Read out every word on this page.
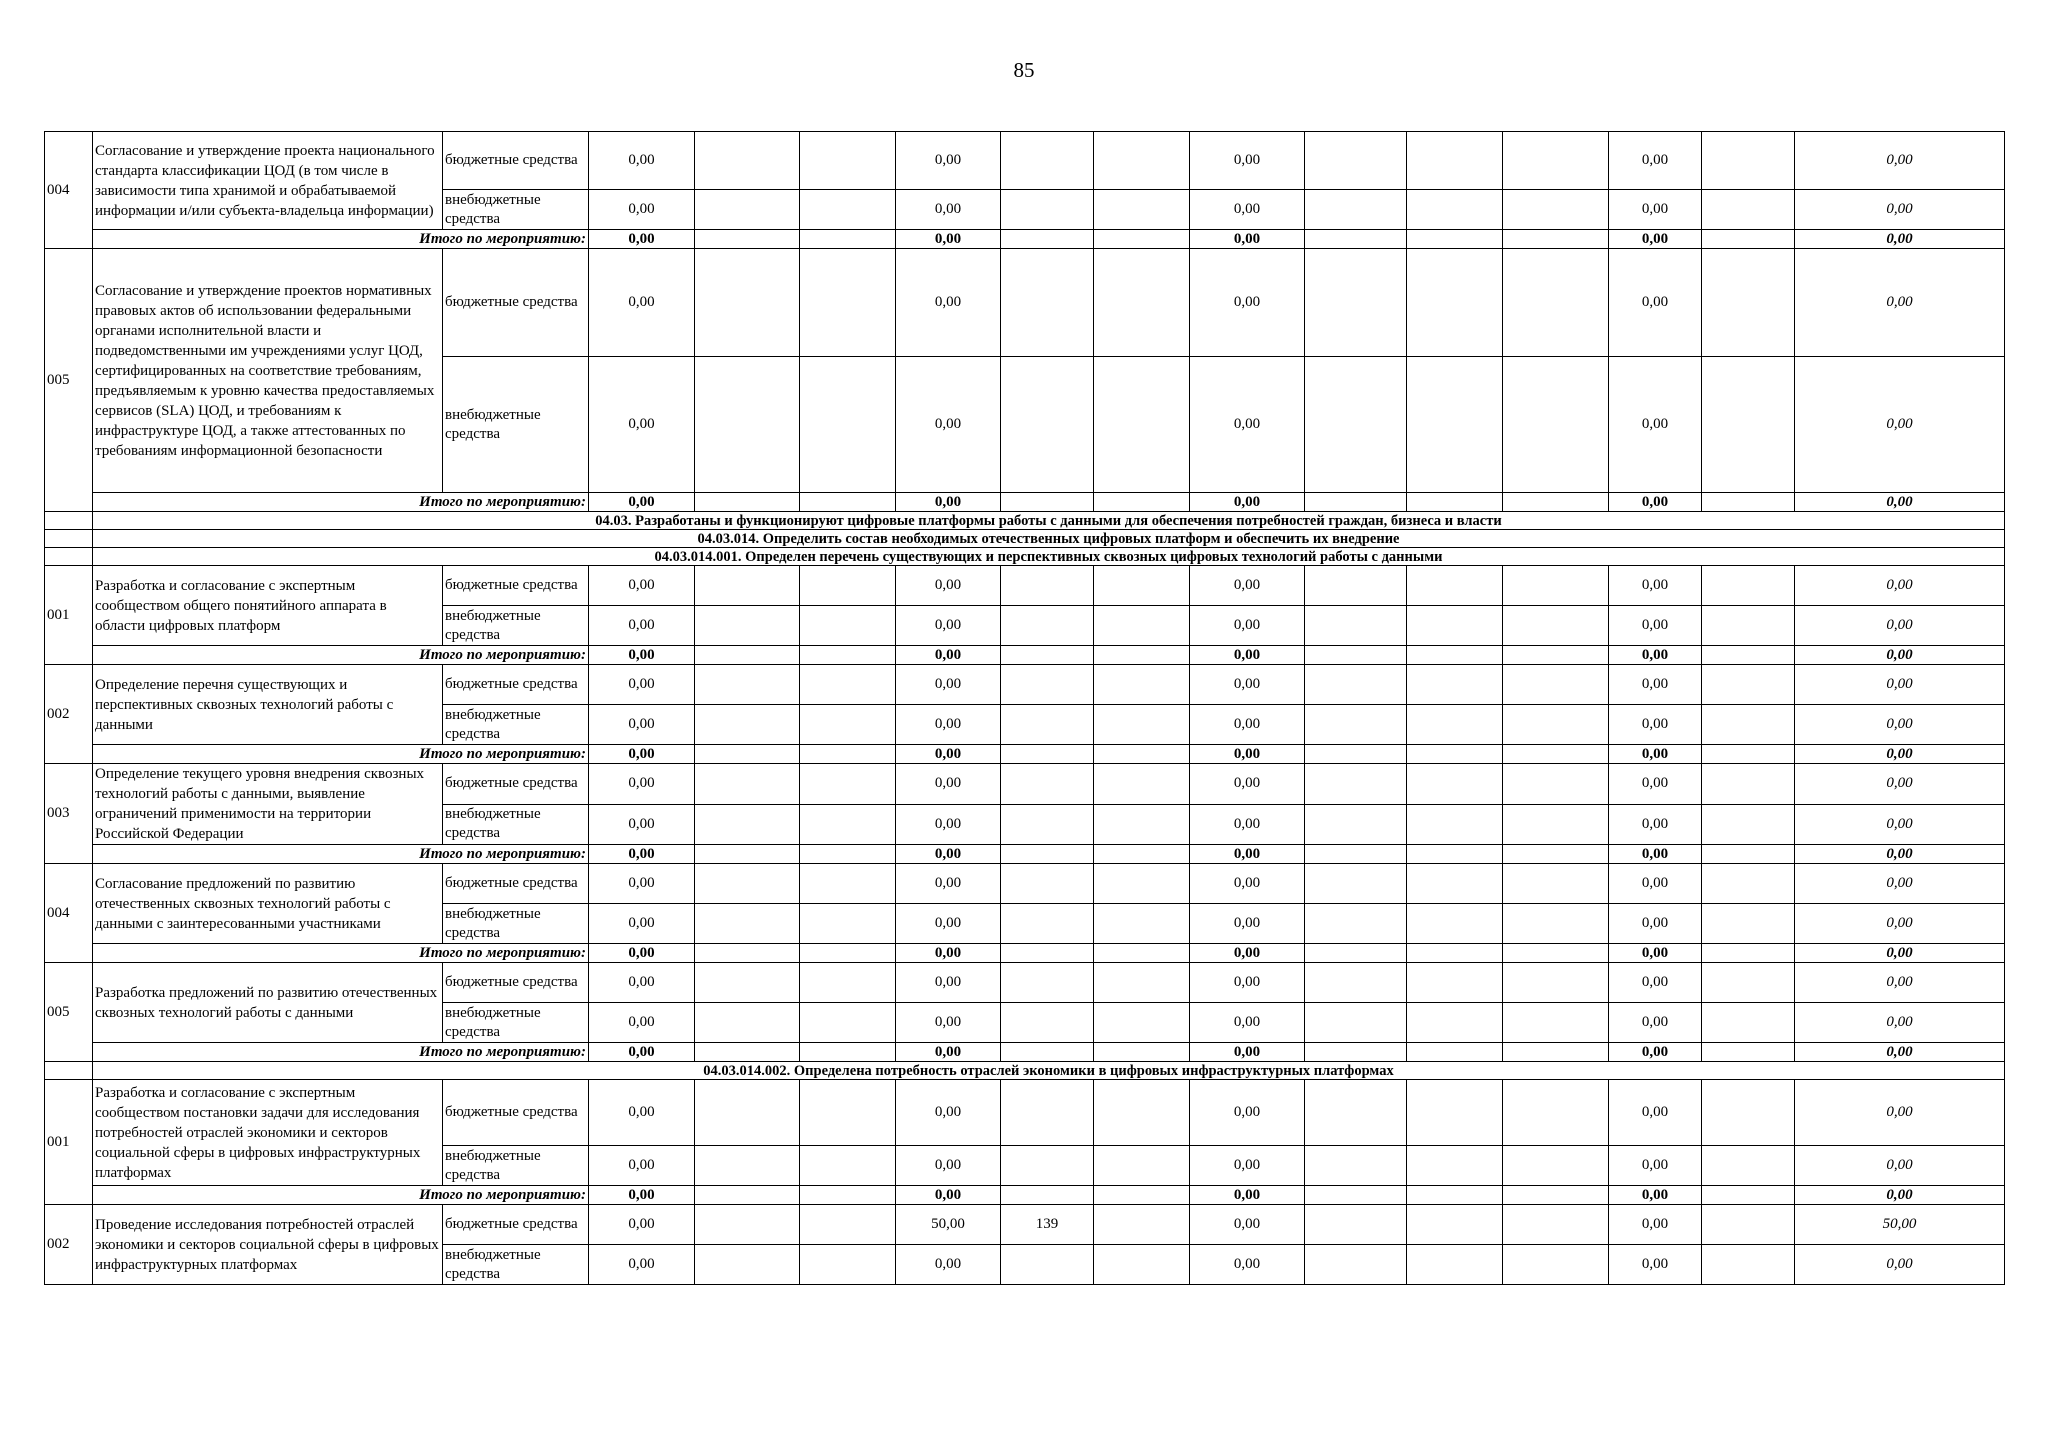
85
004	Согласование и утверждение проекта национального стандарта классификации ЦОД (в том числе в зависимости типа хранимой и обрабатываемой информации и/или субъекта-владельца информации)	бюджетные средства	0,00			0,00			0,00				0,00		0,00
		внебюджетные средства	0,00			0,00			0,00				0,00		0,00
	Итого по мероприятию:		0,00			0,00			0,00				0,00		0,00
005	Согласование и утверждение проектов нормативных правовых актов об использовании федеральными органами исполнительной власти и подведомственными им учреждениями услуг ЦОД, сертифицированных на соответствие требованиям, предъявляемым к уровню качества предоставляемых сервисов (SLA) ЦОД, и требованиям к инфраструктуре ЦОД, а также аттестованных по требованиям информационной безопасности	бюджетные средства	0,00			0,00			0,00				0,00		0,00
		внебюджетные средства	0,00			0,00			0,00				0,00		0,00
	Итого по мероприятию:		0,00			0,00			0,00				0,00		0,00
	04.03. Разработаны и функционируют цифровые платформы работы с данными для обеспечения потребностей граждан, бизнеса и власти														
	04.03.014. Определить состав необходимых отечественных цифровых платформ и обеспечить их внедрение														
	04.03.014.001. Определен перечень существующих и перспективных сквозных цифровых технологий работы с данными														
001	Разработка и согласование с экспертным сообществом общего понятийного аппарата в области цифровых платформ	бюджетные средства	0,00			0,00			0,00				0,00		0,00
		внебюджетные средства	0,00			0,00			0,00				0,00		0,00
	Итого по мероприятию:		0,00			0,00			0,00				0,00		0,00
002	Определение перечня существующих и перспективных сквозных технологий работы с данными	бюджетные средства	0,00			0,00			0,00				0,00		0,00
		внебюджетные средства	0,00			0,00			0,00				0,00		0,00
	Итого по мероприятию:		0,00			0,00			0,00				0,00		0,00
003	Определение текущего уровня внедрения сквозных технологий работы с данными, выявление ограничений применимости на территории Российской Федерации	бюджетные средства	0,00			0,00			0,00				0,00		0,00
		внебюджетные средства	0,00			0,00			0,00				0,00		0,00
	Итого по мероприятию:		0,00			0,00			0,00				0,00		0,00
004	Согласование предложений по развитию отечественных сквозных технологий работы с данными с заинтересованными участниками	бюджетные средства	0,00			0,00			0,00				0,00		0,00
		внебюджетные средства	0,00			0,00			0,00				0,00		0,00
	Итого по мероприятию:		0,00			0,00			0,00				0,00		0,00
005	Разработка предложений по развитию отечественных сквозных технологий работы с данными	бюджетные средства	0,00			0,00			0,00				0,00		0,00
		внебюджетные средства	0,00			0,00			0,00				0,00		0,00
	Итого по мероприятию:		0,00			0,00			0,00				0,00		0,00
	04.03.014.002. Определена потребность отраслей экономики в цифровых инфраструктурных платформах														
001	Разработка и согласование с экспертным сообществом постановки задачи для исследования потребностей отраслей экономики и секторов социальной сферы в цифровых инфраструктурных платформах	бюджетные средства	0,00			0,00			0,00				0,00		0,00
		внебюджетные средства	0,00			0,00			0,00				0,00		0,00
	Итого по мероприятию:		0,00			0,00			0,00				0,00		0,00
002	Проведение исследования потребностей отраслей экономики и секторов социальной сферы в цифровых инфраструктурных платформах	бюджетные средства	0,00			50,00	139		0,00				0,00		50,00
		внебюджетные средства	0,00			0,00			0,00				0,00		0,00
